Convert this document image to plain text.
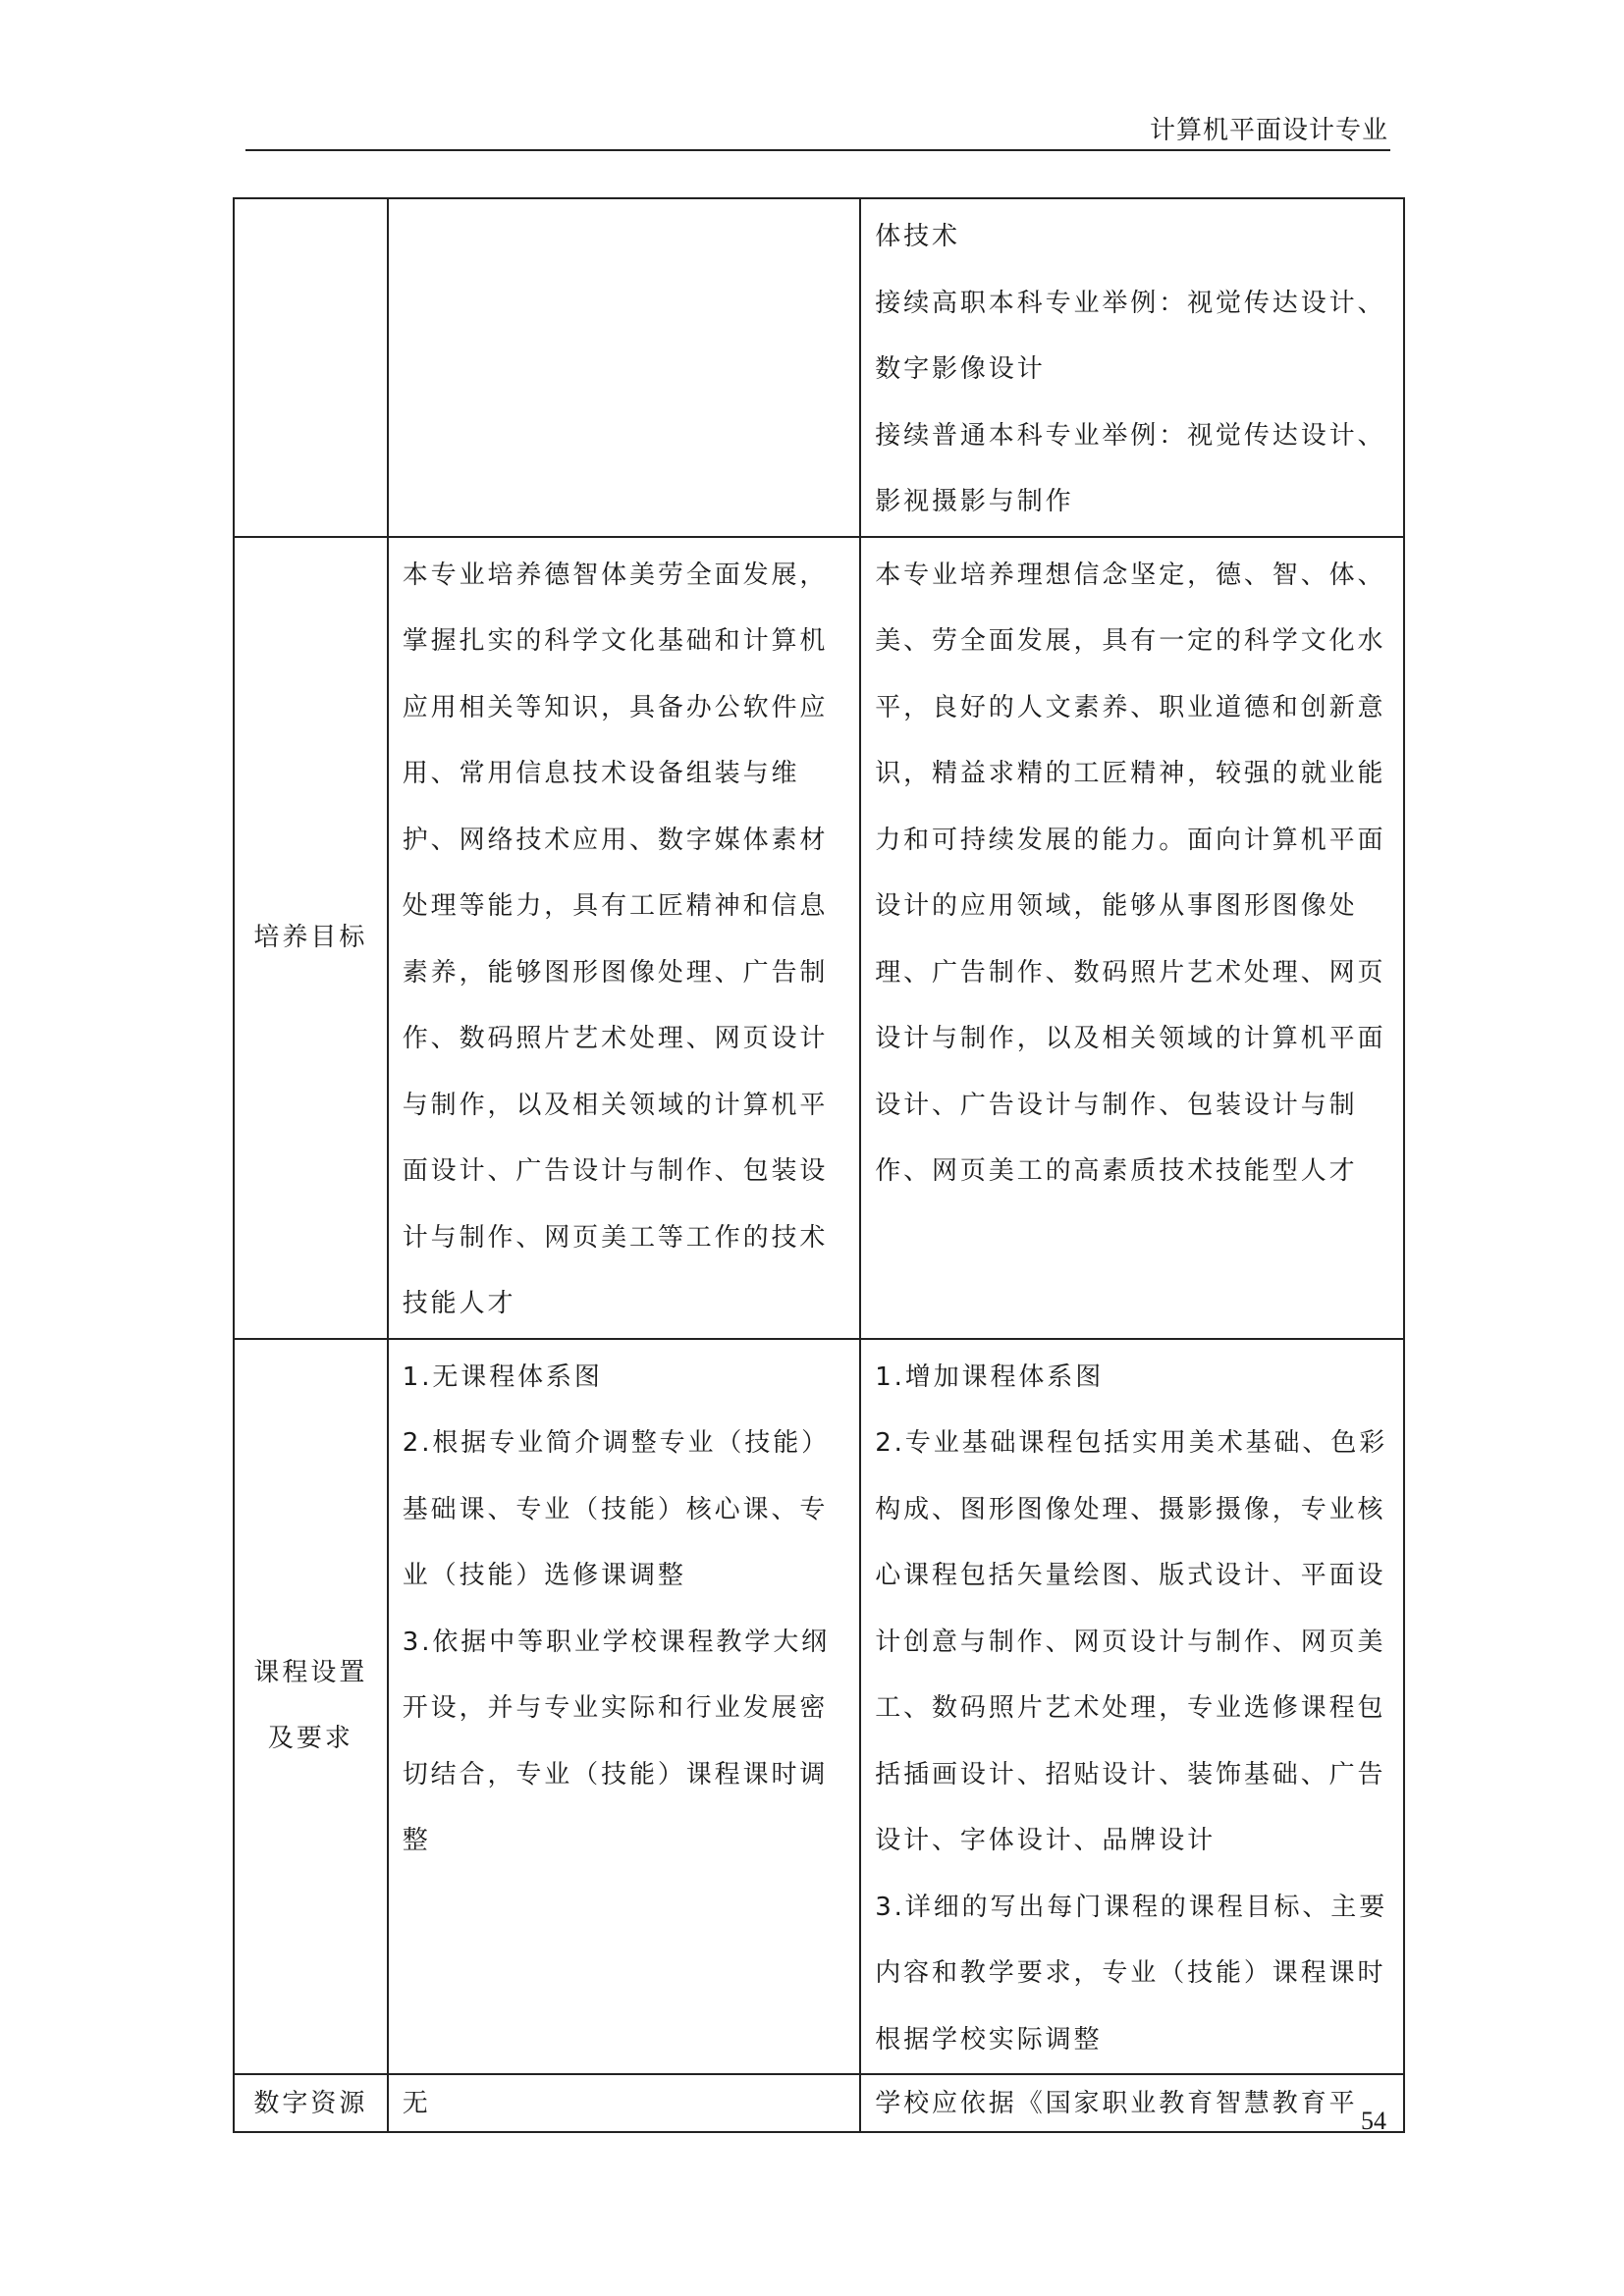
计算机平面设计专业

		体技术
接续高职本科专业举例：视觉传达设计、
数字影像设计
接续普通本科专业举例：视觉传达设计、
影视摄影与制作

培养目标	本专业培养德智体美劳全面发展，掌握扎实的科学文化基础和计算机应用相关等知识，具备办公软件应用、常用信息技术设备组装与维护、网络技术应用、数字媒体素材处理等能力，具有工匠精神和信息素养，能够图形图像处理、广告制作、数码照片艺术处理、网页设计与制作，以及相关领域的计算机平面设计、广告设计与制作、包装设计与制作、网页美工等工作的技术技能人才	本专业培养理想信念坚定，德、智、体、美、劳全面发展，具有一定的科学文化水平，良好的人文素养、职业道德和创新意识，精益求精的工匠精神，较强的就业能力和可持续发展的能力。面向计算机平面设计的应用领域，能够从事图形图像处理、广告制作、数码照片艺术处理、网页设计与制作，以及相关领域的计算机平面设计、广告设计与制作、包装设计与制作、网页美工的高素质技术技能型人才

课程设置及要求	1.无课程体系图
2.根据专业简介调整专业（技能）基础课、专业（技能）核心课、专业（技能）选修课调整
3.依据中等职业学校课程教学大纲开设，并与专业实际和行业发展密切结合，专业（技能）课程课时调整	1.增加课程体系图
2.专业基础课程包括实用美术基础、色彩构成、图形图像处理、摄影摄像，专业核心课程包括矢量绘图、版式设计、平面设计创意与制作、网页设计与制作、网页美工、数码照片艺术处理，专业选修课程包括插画设计、招贴设计、装饰基础、广告设计、字体设计、品牌设计
3.详细的写出每门课程的课程目标、主要内容和教学要求，专业（技能）课程课时根据学校实际调整

数字资源	无	学校应依据《国家职业教育智慧教育平
54
